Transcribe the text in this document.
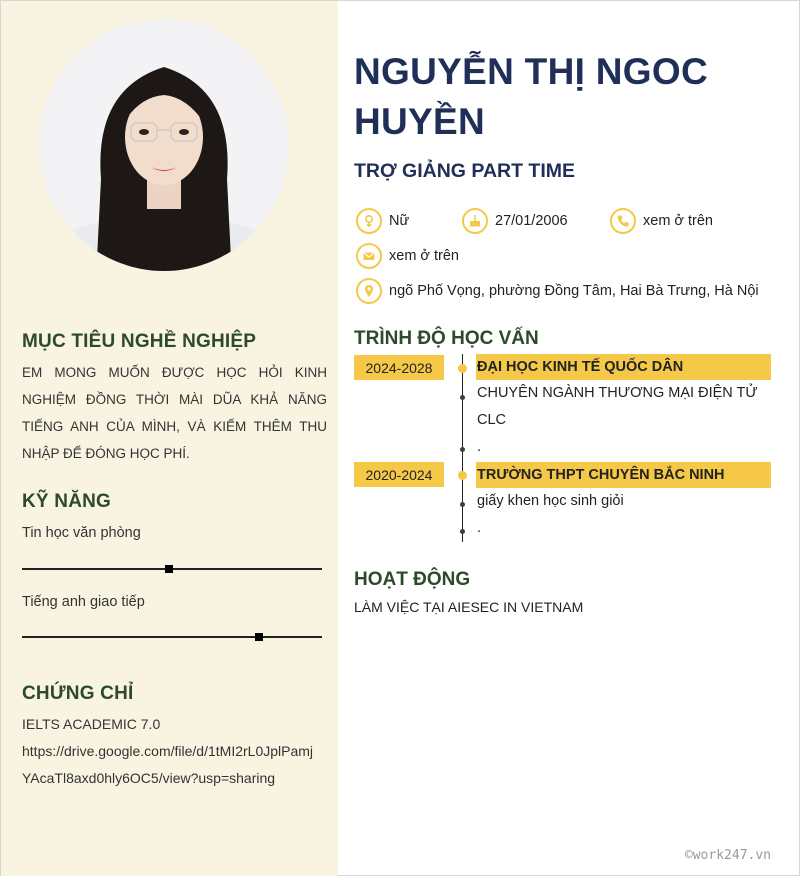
MỤC TIÊU NGHỀ NGHIỆP
EM MONG MUỐN ĐƯỢC HỌC HỎI KINH NGHIỆM ĐỒNG THỜI MÀI DŨA KHẢ NĂNG TIẾNG ANH CỦA MÌNH, VÀ KIẾM THÊM THU NHẬP ĐỂ ĐÓNG HỌC PHÍ.
KỸ NĂNG
Tin học văn phòng
Tiếng anh giao tiếp
CHỨNG CHỈ
IELTS ACADEMIC 7.0
https://drive.google.com/file/d/1tMI2rL0JplPamj
YAcaTl8axd0hly6OC5/view?usp=sharing
NGUYỄN THỊ NGOC HUYỀN
TRỢ GIẢNG PART TIME
Nữ	27/01/2006	xem ở trên
xem ở trên
ngõ Phố Vọng, phường Đồng Tâm, Hai Bà Trưng, Hà Nội
TRÌNH ĐỘ HỌC VẤN
2024-2028	ĐẠI HỌC KINH TẾ QUỐC DÂN
CHUYÊN NGÀNH THƯƠNG MẠI ĐIỆN TỬ
CLC
.
2020-2024	TRƯỜNG THPT CHUYÊN BẮC NINH
giấy khen học sinh giỏi
.
HOẠT ĐỘNG
LÀM VIỆC TẠI AIESEC IN VIETNAM
©work247.vn
